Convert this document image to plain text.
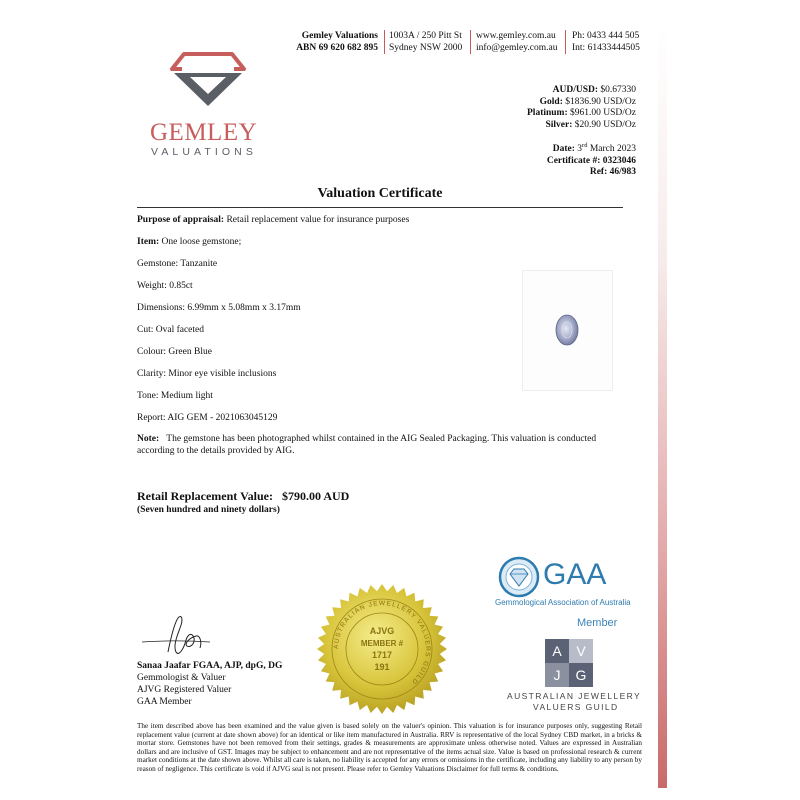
Gemley Valuations
ABN 69 620 682 895
1003A / 250 Pitt St
Sydney NSW 2000
www.gemley.com.au
info@gemley.com.au
Ph: 0433 444 505
Int: 61433444505
GEMLEY
VALUATIONS
AUD/USD: $0.67330
Gold: $1836.90 USD/Oz
Platinum: $961.00 USD/Oz
Silver: $20.90 USD/Oz
Date: 3rd March 2023
Certificate #: 0323046
Ref: 46/983
Valuation Certificate
Purpose of appraisal: Retail replacement value for insurance purposes
Item: One loose gemstone;
Gemstone: Tanzanite
Weight: 0.85ct
Dimensions: 6.99mm x 5.08mm x 3.17mm
Cut: Oval faceted
Colour: Green Blue
Clarity: Minor eye visible inclusions
Tone: Medium light
Report: AIG GEM - 2021063045129
Note: The gemstone has been photographed whilst contained in the AIG Sealed Packaging. This valuation is conducted according to the details provided by AIG.
Retail Replacement Value: $790.00 AUD
(Seven hundred and ninety dollars)
Sanaa Jaafar FGAA, AJP, dpG, DG
Gemmologist & Valuer
AJVG Registered Valuer
GAA Member
AUSTRALIAN JEWELLERY VALUERS GUILD
AJVG
MEMBER #
1717
191
GAA
Gemmological Association of Australia
Member
A	V
J	G
AUSTRALIAN JEWELLERY
VALUERS GUILD
The item described above has been examined and the value given is based solely on the valuer's opinion. This valuation is for insurance purposes only, suggesting Retail replacement value (current at date shown above) for an identical or like item manufactured in Australia. RRV is representative of the local Sydney CBD market, in a bricks & mortar store. Gemstones have not been removed from their settings, grades & measurements are approximate unless otherwise noted. Values are expressed in Australian dollars and are inclusive of GST. Images may be subject to enhancement and are not representative of the items actual size. Value is based on professional research & current market conditions at the date shown above. Whilst all care is taken, no liability is accepted for any errors or omissions in the certificate, including any liability to any person by reason of negligence. This certificate is void if AJVG seal is not present. Please refer to Gemley Valuations Disclaimer for full terms & conditions.
